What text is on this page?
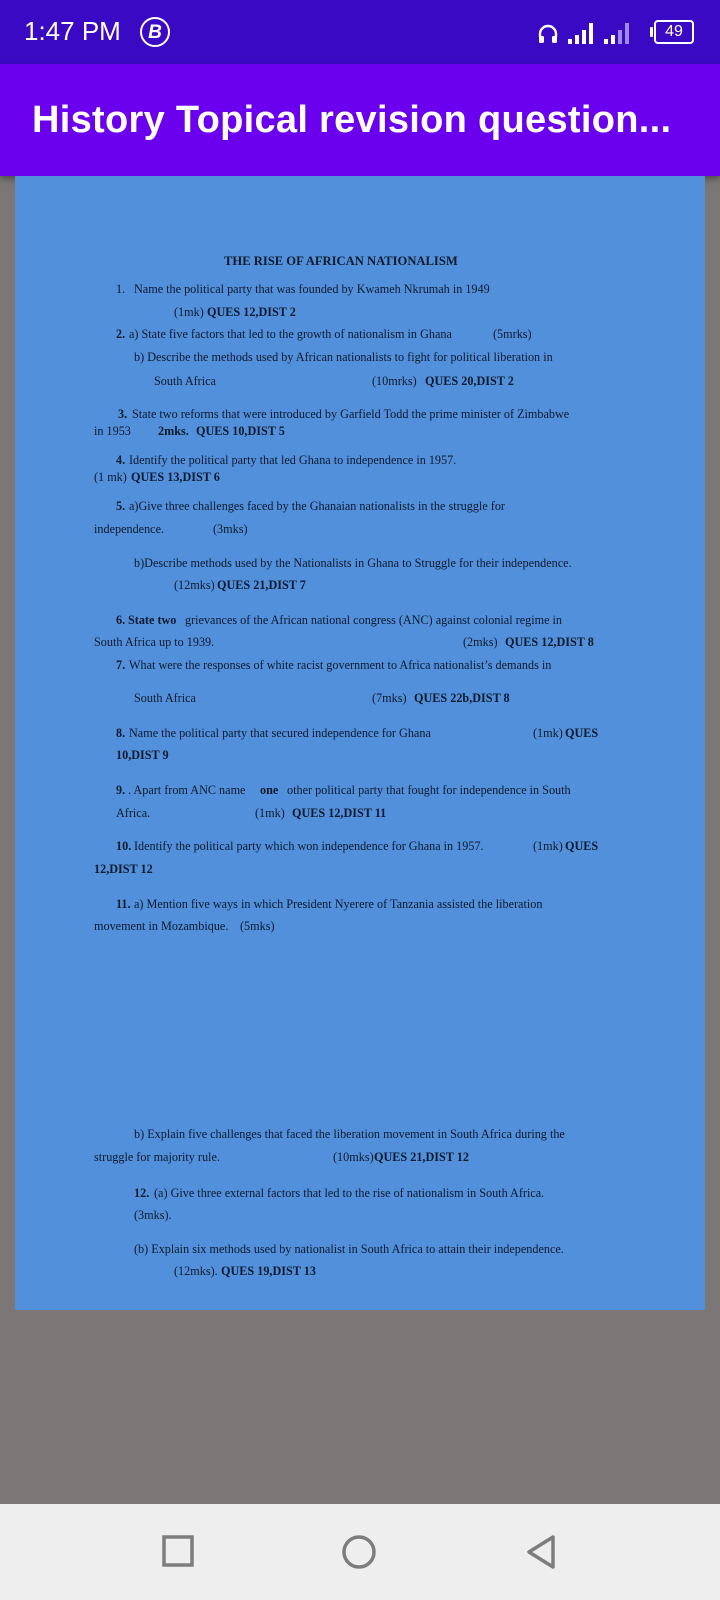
1:47 PM	B	49
History Topical revision question...
THE RISE OF AFRICAN NATIONALISM
1. Name the political party that was founded by Kwameh Nkrumah in 1949
(1mk) QUES 12,DIST 2
2. a) State five factors that led to the growth of nationalism in Ghana	(5mrks)
b) Describe the methods used by African nationalists to fight for political liberation in
South Africa	(10mrks) QUES 20,DIST 2
3. State two reforms that were introduced by Garfield Todd the prime minister of Zimbabwe
in 1953 2mks. QUES 10,DIST 5
4. Identify the political party that led Ghana to independence in 1957.
(1 mk) QUES 13,DIST 6
5. a)Give three challenges faced by the Ghanaian nationalists in the struggle for
independence.	(3mks)
b)Describe methods used by the Nationalists in Ghana to Struggle for their independence.
(12mks) QUES 21,DIST 7
6. State two grievances of the African national congress (ANC) against colonial regime in
South Africa up to 1939.	(2mks) QUES 12,DIST 8
7. What were the responses of white racist government to Africa nationalist’s demands in
South Africa	(7mks) QUES 22b,DIST 8
8. Name the political party that secured independence for Ghana	(1mk) QUES
10,DIST 9
9. . Apart from ANC name one other political party that fought for independence in South
Africa.	(1mk) QUES 12,DIST 11
10. Identify the political party which won independence for Ghana in 1957.	(1mk) QUES
12,DIST 12
11. a) Mention five ways in which President Nyerere of Tanzania assisted the liberation
movement in Mozambique. (5mks)
b) Explain five challenges that faced the liberation movement in South Africa during the
struggle for majority rule.	(10mks) QUES 21,DIST 12
12. (a) Give three external factors that led to the rise of nationalism in South Africa.
(3mks).
(b) Explain six methods used by nationalist in South Africa to attain their independence.
(12mks). QUES 19,DIST 13
